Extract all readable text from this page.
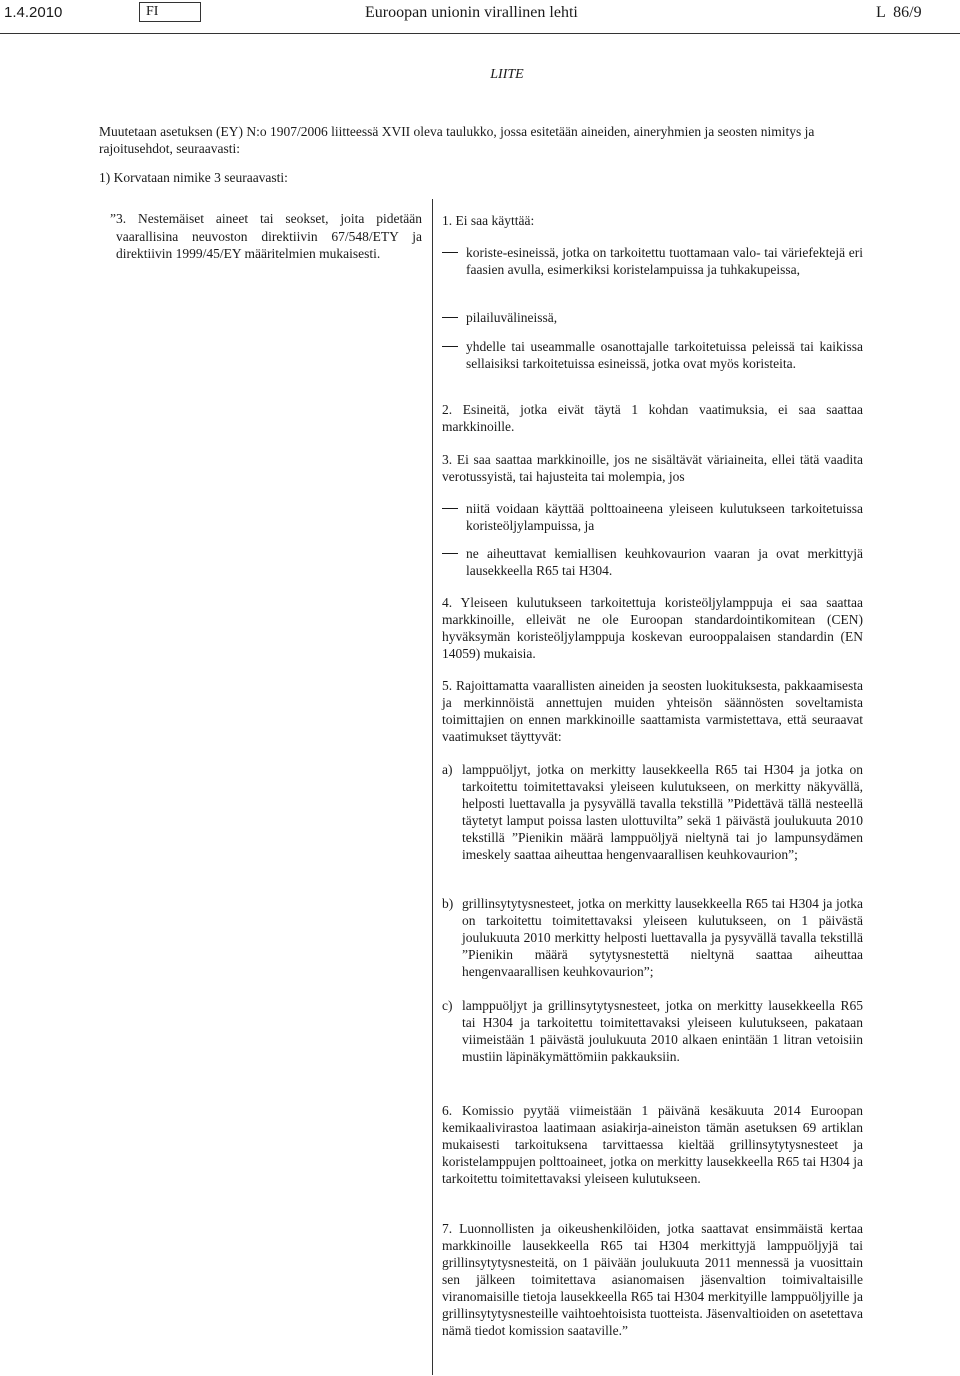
1.4.2010	FI	Euroopan unionin virallinen lehti	L 86/9
LIITE
Muutetaan asetuksen (EY) N:o 1907/2006 liitteessä XVII oleva taulukko, jossa esitetään aineiden, aineryhmien ja seosten nimitys ja rajoitusehdot, seuraavasti:
1) Korvataan nimike 3 seuraavasti:
” 3. Nestemäiset aineet tai seokset, joita pidetään vaarallisina neuvoston direktiivin 67/548/ETY ja direktiivin 1999/45/EY määritelmien mukaisesti.
1. Ei saa käyttää:
koriste-esineissä, jotka on tarkoitettu tuottamaan valo- tai väriefektejä eri faasien avulla, esimerkiksi koristelampuissa ja tuhkakupeissa,
pilailuvälineissä,
yhdelle tai useammalle osanottajalle tarkoitetuissa peleissä tai kaikissa sellaisiksi tarkoitetuissa esineissä, jotka ovat myös koristeita.
2. Esineitä, jotka eivät täytä 1 kohdan vaatimuksia, ei saa saattaa markkinoille.
3. Ei saa saattaa markkinoille, jos ne sisältävät väriaineita, ellei tätä vaadita verotussyistä, tai hajusteita tai molempia, jos
niitä voidaan käyttää polttoaineena yleiseen kulutukseen tarkoitetuissa koristeöljylampuissa, ja
ne aiheuttavat kemiallisen keuhkovaurion vaaran ja ovat merkittyjä lausekkeella R65 tai H304.
4. Yleiseen kulutukseen tarkoitettuja koristeöljylamppuja ei saa saattaa markkinoille, elleivät ne ole Euroopan standardointikomitean (CEN) hyväksymän koristeöljylamppuja koskevan eurooppalaisen standardin (EN 14059) mukaisia.
5. Rajoittamatta vaarallisten aineiden ja seosten luokituksesta, pakkaamisesta ja merkinnöistä annettujen muiden yhteisön säännösten soveltamista toimittajien on ennen markkinoille saattamista varmistettava, että seuraavat vaatimukset täyttyvät:
a) lamppuöljyt, jotka on merkitty lausekkeella R65 tai H304 ja jotka on tarkoitettu toimitettavaksi yleiseen kulutukseen, on merkitty näkyvällä, helposti luettavalla ja pysyvällä tavalla tekstillä ”Pidettävä tällä nesteellä täytetyt lamput poissa lasten ulottuvilta” sekä 1 päivästä joulukuuta 2010 tekstillä ”Pienikin määrä lamppuöljyä nieltynä tai jo lampunsydämen imeskely saattaa aiheuttaa hengenvaarallisen keuhkovaurion”;
b) grillinsytytysnesteet, jotka on merkitty lausekkeella R65 tai H304 ja jotka on tarkoitettu toimitettavaksi yleiseen kulutukseen, on 1 päivästä joulukuuta 2010 merkitty helposti luettavalla ja pysyvällä tavalla tekstillä ”Pienikin määrä sytytysnestettä nieltynä saattaa aiheuttaa hengenvaarallisen keuhkovaurion”;
c) lamppuöljyt ja grillinsytytysnesteet, jotka on merkitty lausekkeella R65 tai H304 ja tarkoitettu toimitettavaksi yleiseen kulutukseen, pakataan viimeistään 1 päivästä joulukuuta 2010 alkaen enintään 1 litran vetoisiin mustiin läpinäkymättömiin pakkauksiin.
6. Komissio pyytää viimeistään 1 päivänä kesäkuuta 2014 Euroopan kemikaalivirastoa laatimaan asiakirja-aineiston tämän asetuksen 69 artiklan mukaisesti tarkoituksena tarvittaessa kieltää grillinsytytysnesteet ja koristelamppujen polttoaineet, jotka on merkitty lausekkeella R65 tai H304 ja tarkoitettu toimitettavaksi yleiseen kulutukseen.
7. Luonnollisten ja oikeushenkilöiden, jotka saattavat ensimmäistä kertaa markkinoille lausekkeella R65 tai H304 merkittyjä lamppuöljyjä tai grillinsytytysnesteitä, on 1 päivään joulukuuta 2011 mennessä ja vuosittain sen jälkeen toimitettava asianomaisen jäsenvaltion toimivaltaisille viranomaisille tietoja lausekkeella R65 tai H304 merkityille lamppuöljyille ja grillinsytytysnesteille vaihtoehtoisista tuotteista. Jäsenvaltioiden on asetettava nämä tiedot komission saataville.”
